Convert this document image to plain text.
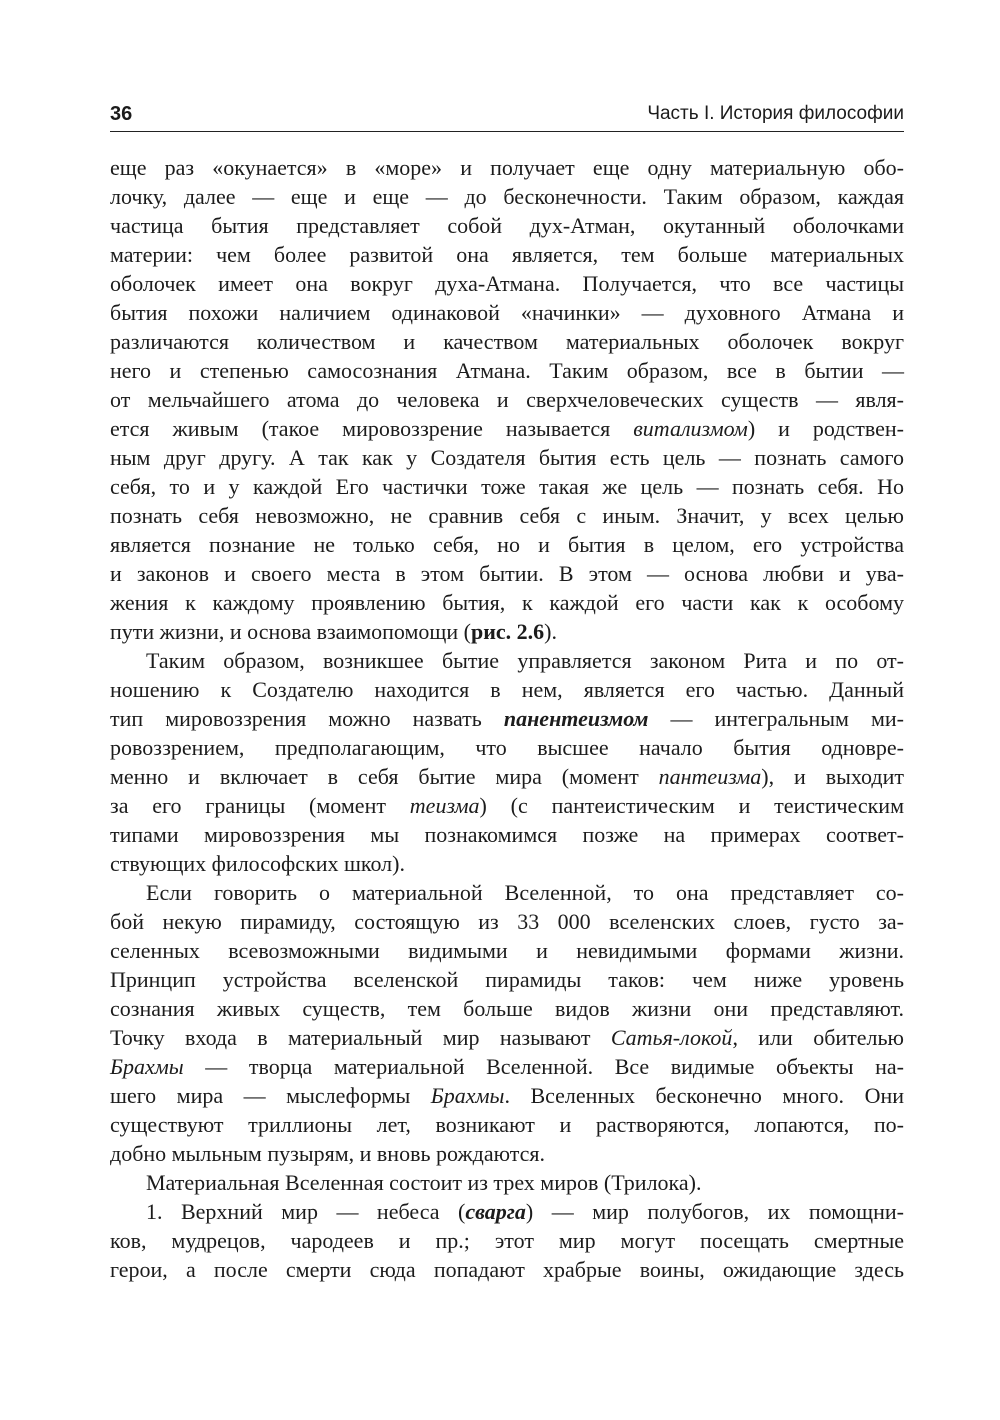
36	Часть I. История философии
еще раз «окунается» в «море» и получает еще одну материальную обо-
лочку, далее — еще и еще — до бесконечности. Таким образом, каждая
частица бытия представляет собой дух-Атман, окутанный оболочками
материи: чем более развитой она является, тем больше материальных
оболочек имеет она вокруг духа-Атмана. Получается, что все частицы
бытия похожи наличием одинаковой «начинки» — духовного Атмана и
различаются количеством и качеством материальных оболочек вокруг
него и степенью самосознания Атмана. Таким образом, все в бытии —
от мельчайшего атома до человека и сверхчеловеческих существ — явля-
ется живым (такое мировоззрение называется витализмом) и родствен-
ным друг другу. А так как у Создателя бытия есть цель — познать самого
себя, то и у каждой Его частички тоже такая же цель — познать себя. Но
познать себя невозможно, не сравнив себя с иным. Значит, у всех целью
является познание не только себя, но и бытия в целом, его устройства
и законов и своего места в этом бытии. В этом — основа любви и ува-
жения к каждому проявлению бытия, к каждой его части как к особому
пути жизни, и основа взаимопомощи (рис. 2.6).
Таким образом, возникшее бытие управляется законом Рита и по от-
ношению к Создателю находится в нем, является его частью. Данный
тип мировоззрения можно назвать панентеизмом — интегральным ми-
ровоззрением, предполагающим, что высшее начало бытия одновре-
менно и включает в себя бытие мира (момент пантеизма), и выходит
за его границы (момент теизма) (с пантеистическим и теистическим
типами мировоззрения мы познакомимся позже на примерах соответ-
ствующих философских школ).
Если говорить о материальной Вселенной, то она представляет со-
бой некую пирамиду, состоящую из 33 000 вселенских слоев, густо за-
селенных всевозможными видимыми и невидимыми формами жизни.
Принцип устройства вселенской пирамиды таков: чем ниже уровень
сознания живых существ, тем больше видов жизни они представляют.
Точку входа в материальный мир называют Сатья-локой, или обителью
Брахмы — творца материальной Вселенной. Все видимые объекты на-
шего мира — мыслеформы Брахмы. Вселенных бесконечно много. Они
существуют триллионы лет, возникают и растворяются, лопаются, по-
добно мыльным пузырям, и вновь рождаются.
Материальная Вселенная состоит из трех миров (Трилока).
1. Верхний мир — небеса (сварга) — мир полубогов, их помощни-
ков, мудрецов, чародеев и пр.; этот мир могут посещать смертные
герои, а после смерти сюда попадают храбрые воины, ожидающие здесь
